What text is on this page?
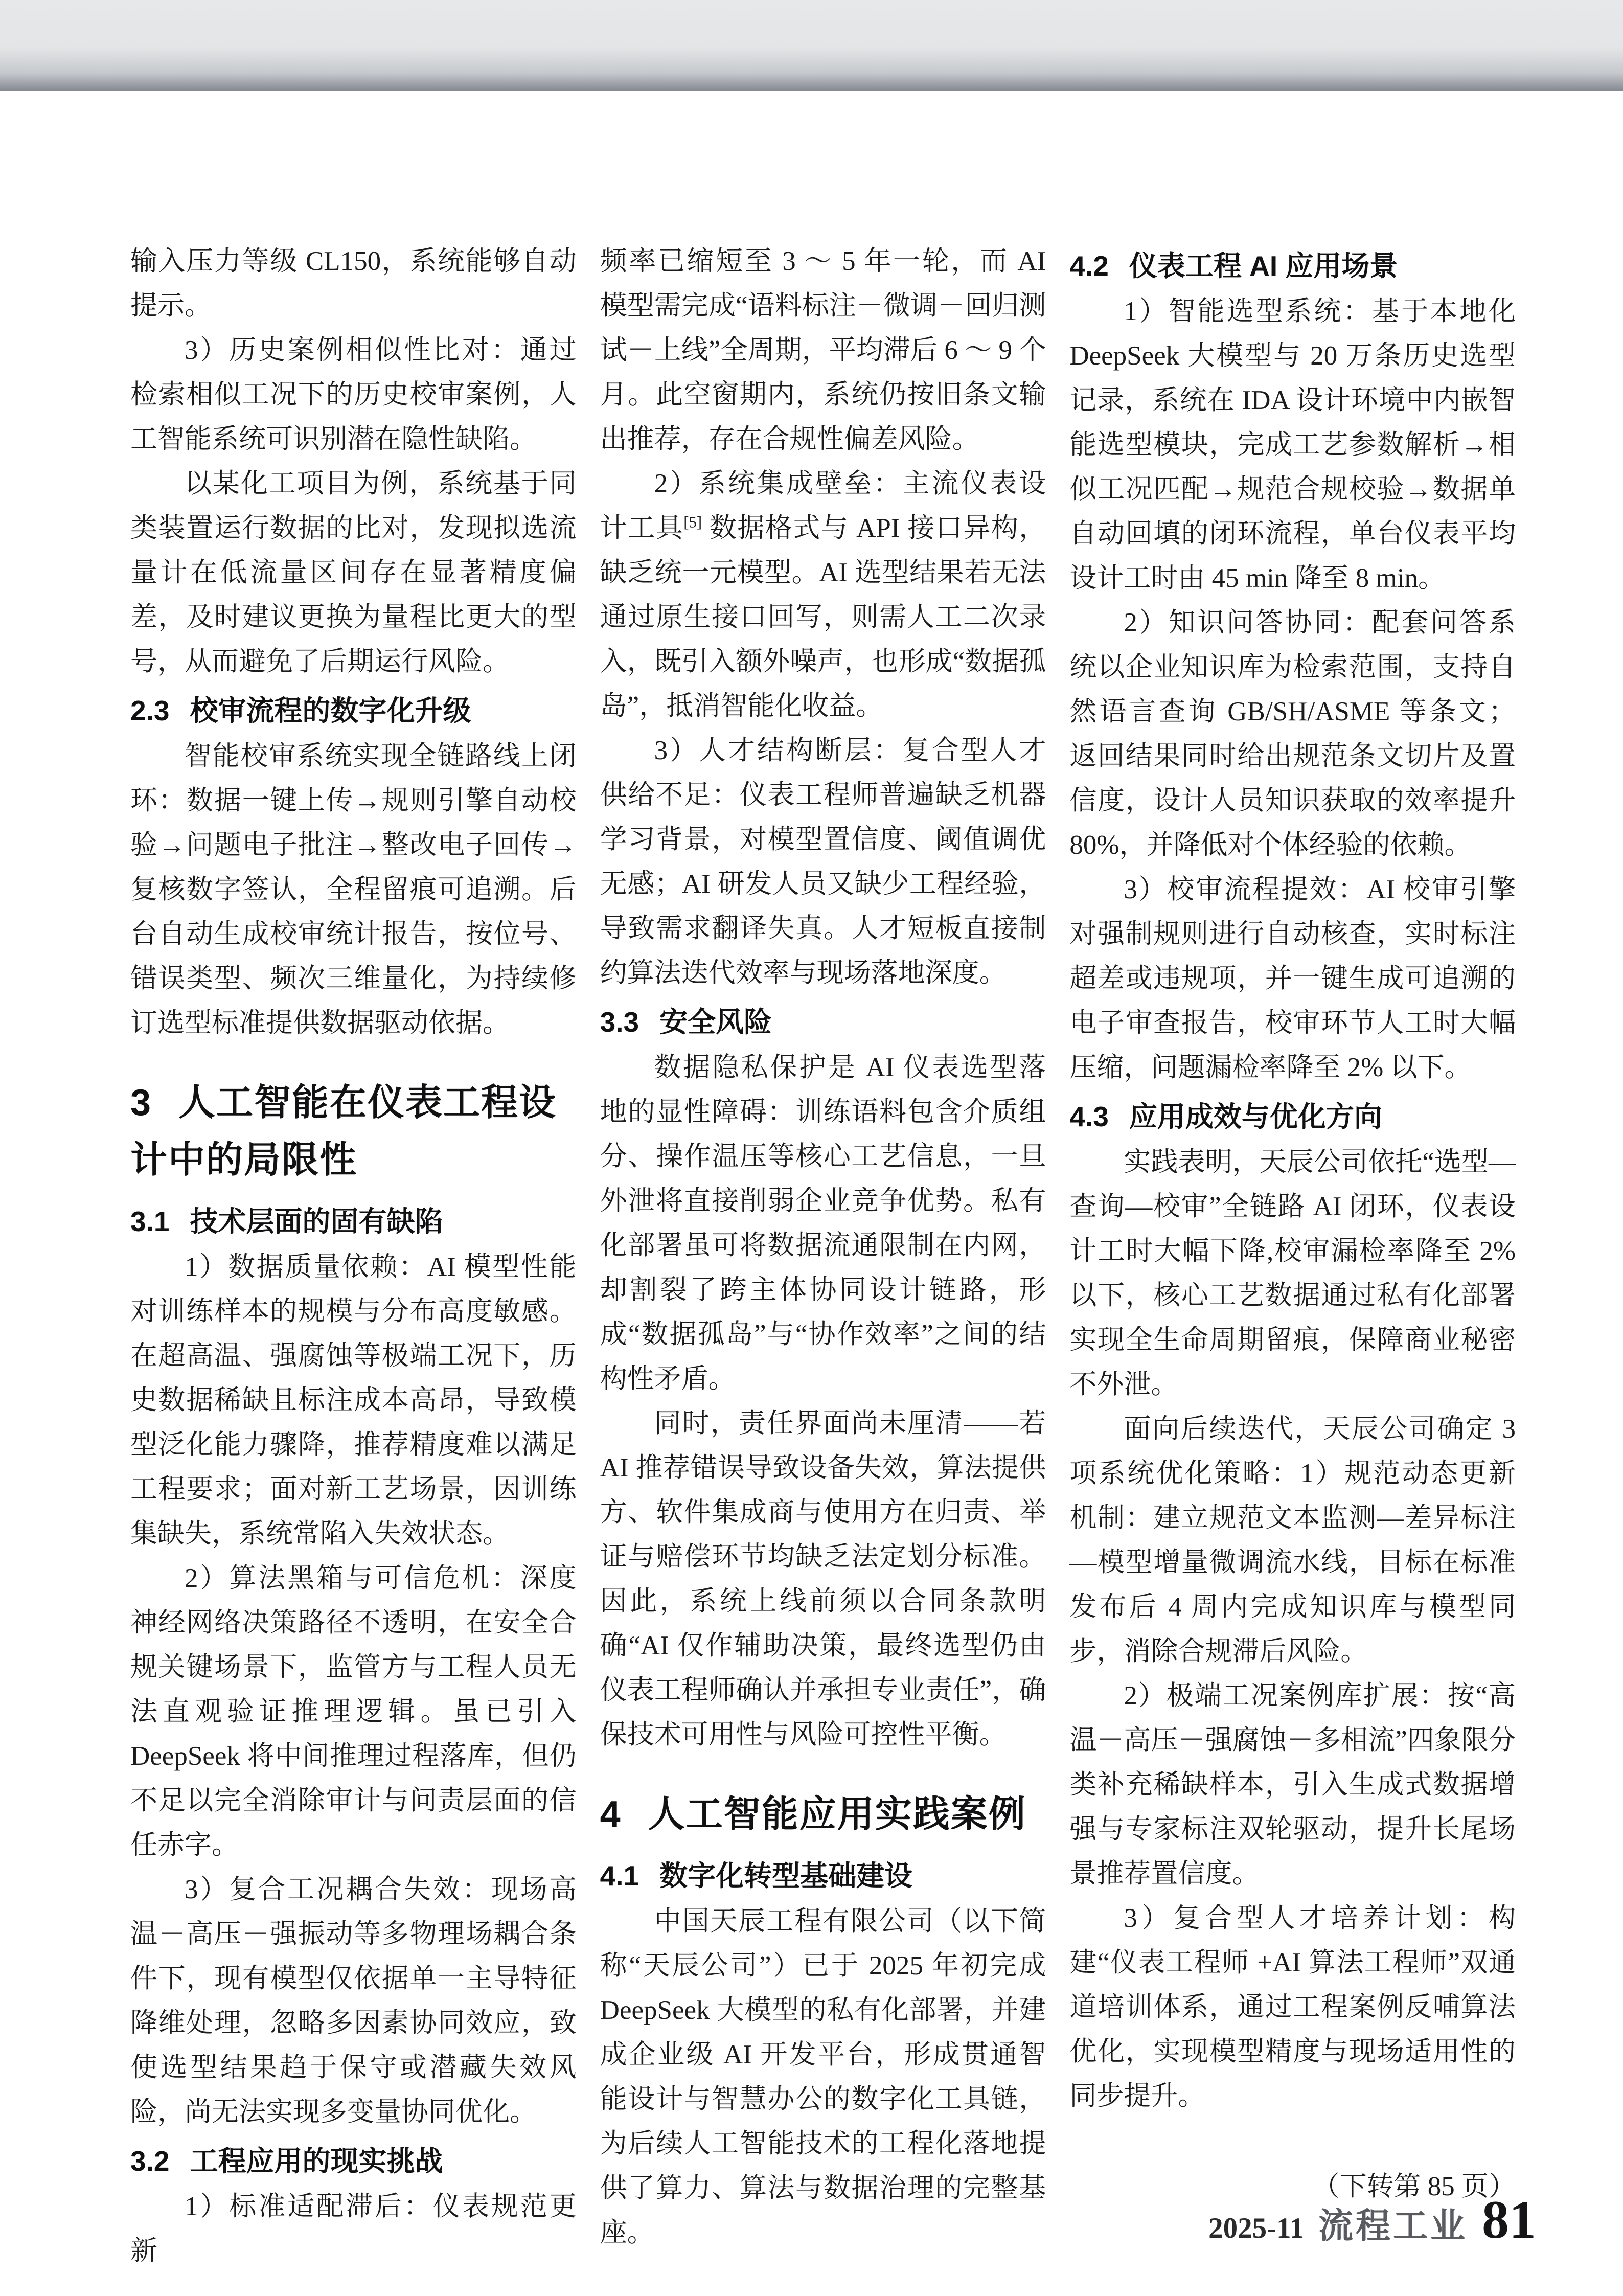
输入压力等级 CL150，系统能够自动提示。
3）历史案例相似性比对：通过检索相似工况下的历史校审案例，人工智能系统可识别潜在隐性缺陷。
以某化工项目为例，系统基于同类装置运行数据的比对，发现拟选流量计在低流量区间存在显著精度偏差，及时建议更换为量程比更大的型号，从而避免了后期运行风险。
2.3 校审流程的数字化升级
智能校审系统实现全链路线上闭环：数据一键上传→规则引擎自动校验→问题电子批注→整改电子回传→复核数字签认，全程留痕可追溯。后台自动生成校审统计报告，按位号、错误类型、频次三维量化，为持续修订选型标准提供数据驱动依据。
3 人工智能在仪表工程设计中的局限性
3.1 技术层面的固有缺陷
1）数据质量依赖：AI 模型性能对训练样本的规模与分布高度敏感。在超高温、强腐蚀等极端工况下，历史数据稀缺且标注成本高昂，导致模型泛化能力骤降，推荐精度难以满足工程要求；面对新工艺场景，因训练集缺失，系统常陷入失效状态。
2）算法黑箱与可信危机：深度神经网络决策路径不透明，在安全合规关键场景下，监管方与工程人员无法直观验证推理逻辑。虽已引入 DeepSeek 将中间推理过程落库，但仍不足以完全消除审计与问责层面的信任赤字。
3）复合工况耦合失效：现场高温－高压－强振动等多物理场耦合条件下，现有模型仅依据单一主导特征降维处理，忽略多因素协同效应，致使选型结果趋于保守或潜藏失效风险，尚无法实现多变量协同优化。
3.2 工程应用的现实挑战
1）标准适配滞后：仪表规范更新
频率已缩短至 3 ～ 5 年一轮，而 AI 模型需完成“语料标注－微调－回归测试－上线”全周期，平均滞后 6 ～ 9 个月。此空窗期内，系统仍按旧条文输出推荐，存在合规性偏差风险。
2）系统集成壁垒：主流仪表设计工具[5] 数据格式与 API 接口异构，缺乏统一元模型。AI 选型结果若无法通过原生接口回写，则需人工二次录入，既引入额外噪声，也形成“数据孤岛”，抵消智能化收益。
3）人才结构断层：复合型人才供给不足：仪表工程师普遍缺乏机器学习背景，对模型置信度、阈值调优无感；AI 研发人员又缺少工程经验，导致需求翻译失真。人才短板直接制约算法迭代效率与现场落地深度。
3.3 安全风险
数据隐私保护是 AI 仪表选型落地的显性障碍：训练语料包含介质组分、操作温压等核心工艺信息，一旦外泄将直接削弱企业竞争优势。私有化部署虽可将数据流通限制在内网，却割裂了跨主体协同设计链路，形成“数据孤岛”与“协作效率”之间的结构性矛盾。
同时，责任界面尚未厘清——若 AI 推荐错误导致设备失效，算法提供方、软件集成商与使用方在归责、举证与赔偿环节均缺乏法定划分标准。因此，系统上线前须以合同条款明确“AI 仅作辅助决策，最终选型仍由仪表工程师确认并承担专业责任”，确保技术可用性与风险可控性平衡。
4 人工智能应用实践案例
4.1 数字化转型基础建设
中国天辰工程有限公司（以下简称“天辰公司”）已于 2025 年初完成 DeepSeek 大模型的私有化部署，并建成企业级 AI 开发平台，形成贯通智能设计与智慧办公的数字化工具链，为后续人工智能技术的工程化落地提供了算力、算法与数据治理的完整基座。
4.2 仪表工程 AI 应用场景
1）智能选型系统：基于本地化 DeepSeek 大模型与 20 万条历史选型记录，系统在 IDA 设计环境中内嵌智能选型模块，完成工艺参数解析→相似工况匹配→规范合规校验→数据单自动回填的闭环流程，单台仪表平均设计工时由 45 min 降至 8 min。
2）知识问答协同：配套问答系统以企业知识库为检索范围，支持自然语言查询 GB/SH/ASME 等条文；返回结果同时给出规范条文切片及置信度，设计人员知识获取的效率提升 80%，并降低对个体经验的依赖。
3）校审流程提效：AI 校审引擎对强制规则进行自动核查，实时标注超差或违规项，并一键生成可追溯的电子审查报告，校审环节人工时大幅压缩，问题漏检率降至 2% 以下。
4.3 应用成效与优化方向
实践表明，天辰公司依托“选型—查询—校审”全链路 AI 闭环，仪表设计工时大幅下降,校审漏检率降至 2% 以下，核心工艺数据通过私有化部署实现全生命周期留痕，保障商业秘密不外泄。
面向后续迭代，天辰公司确定 3 项系统优化策略：1）规范动态更新机制：建立规范文本监测—差异标注—模型增量微调流水线，目标在标准发布后 4 周内完成知识库与模型同步，消除合规滞后风险。
2）极端工况案例库扩展：按“高温－高压－强腐蚀－多相流”四象限分类补充稀缺样本，引入生成式数据增强与专家标注双轮驱动，提升长尾场景推荐置信度。
3）复合型人才培养计划：构建“仪表工程师 +AI 算法工程师”双通道培训体系，通过工程案例反哺算法优化，实现模型精度与现场适用性的同步提升。
（下转第 85 页）
2025-11 流程工业 81
